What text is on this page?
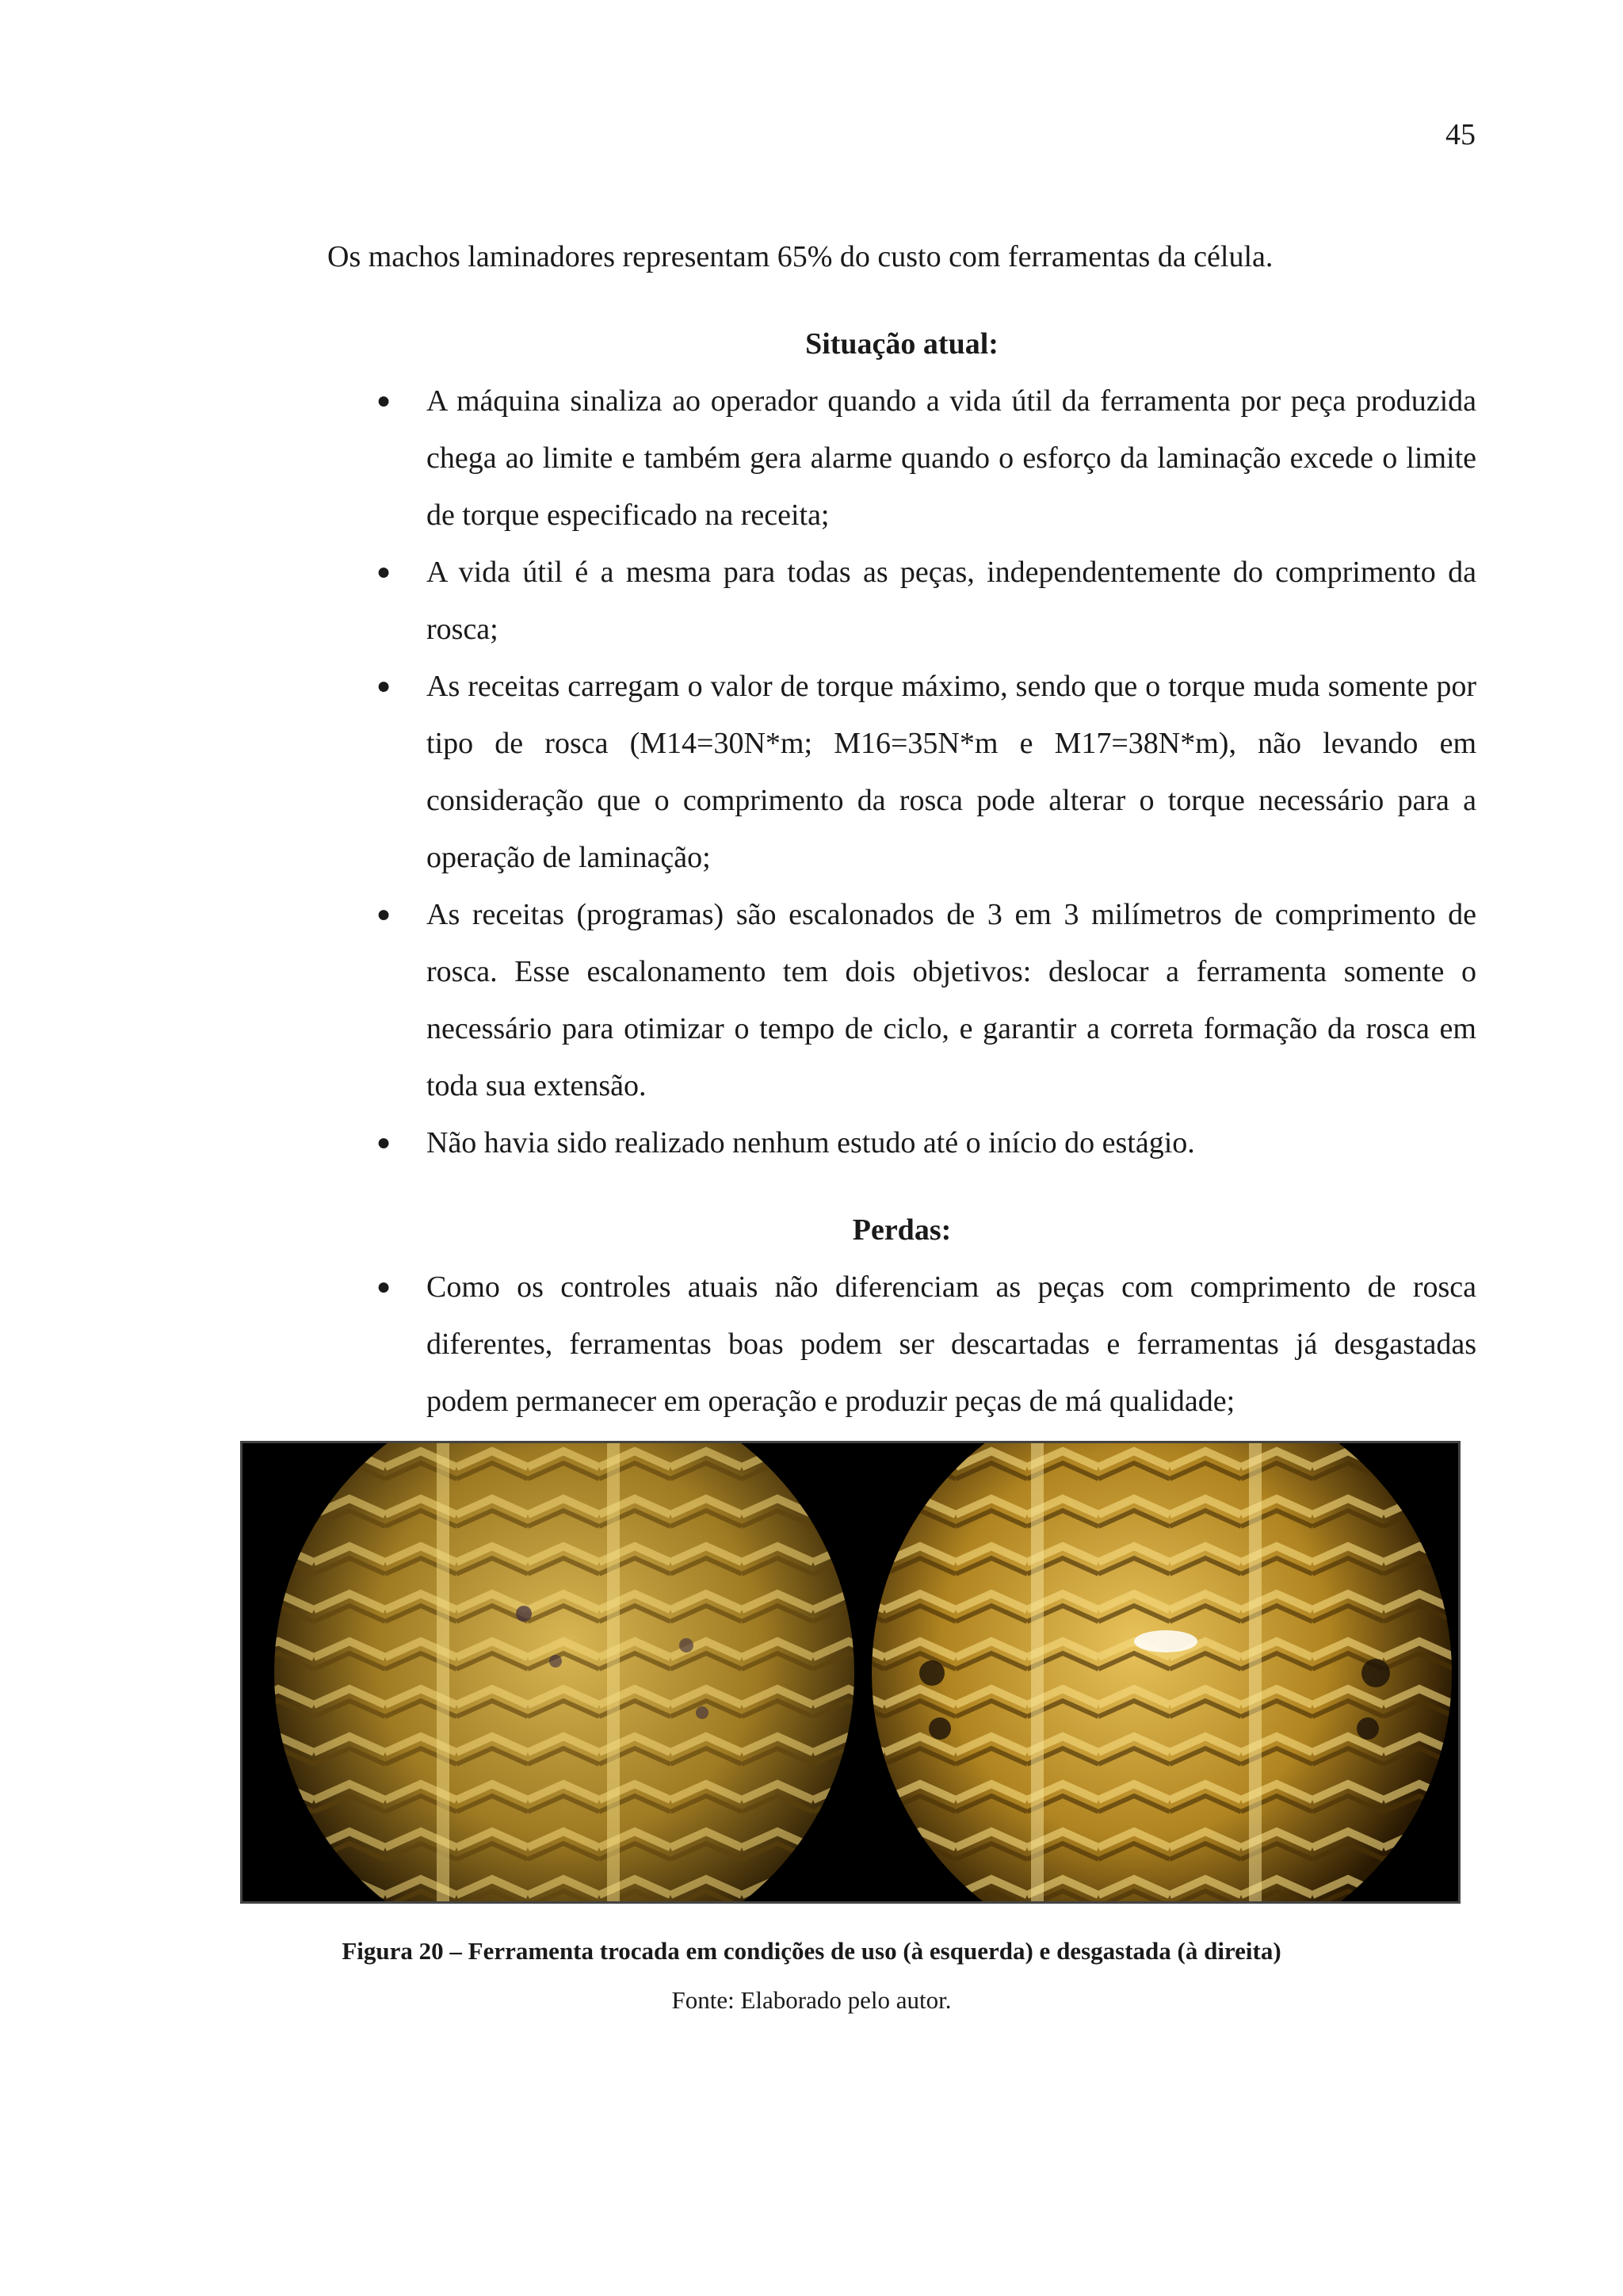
45

Os machos laminadores representam 65% do custo com ferramentas da célula.

Situação atual:

● A máquina sinaliza ao operador quando a vida útil da ferramenta por peça produzida chega ao limite e também gera alarme quando o esforço da laminação excede o limite de torque especificado na receita;
● A vida útil é a mesma para todas as peças, independentemente do comprimento da rosca;
● As receitas carregam o valor de torque máximo, sendo que o torque muda somente por tipo de rosca (M14=30N*m; M16=35N*m e M17=38N*m), não levando em consideração que o comprimento da rosca pode alterar o torque necessário para a operação de laminação;
● As receitas (programas) são escalonados de 3 em 3 milímetros de comprimento de rosca. Esse escalonamento tem dois objetivos: deslocar a ferramenta somente o necessário para otimizar o tempo de ciclo, e garantir a correta formação da rosca em toda sua extensão.
● Não havia sido realizado nenhum estudo até o início do estágio.

Perdas:

● Como os controles atuais não diferenciam as peças com comprimento de rosca diferentes, ferramentas boas podem ser descartadas e ferramentas já desgastadas podem permanecer em operação e produzir peças de má qualidade;
Figura 20 – Ferramenta trocada em condições de uso (à esquerda) e desgastada (à direita)
Fonte: Elaborado pelo autor.
